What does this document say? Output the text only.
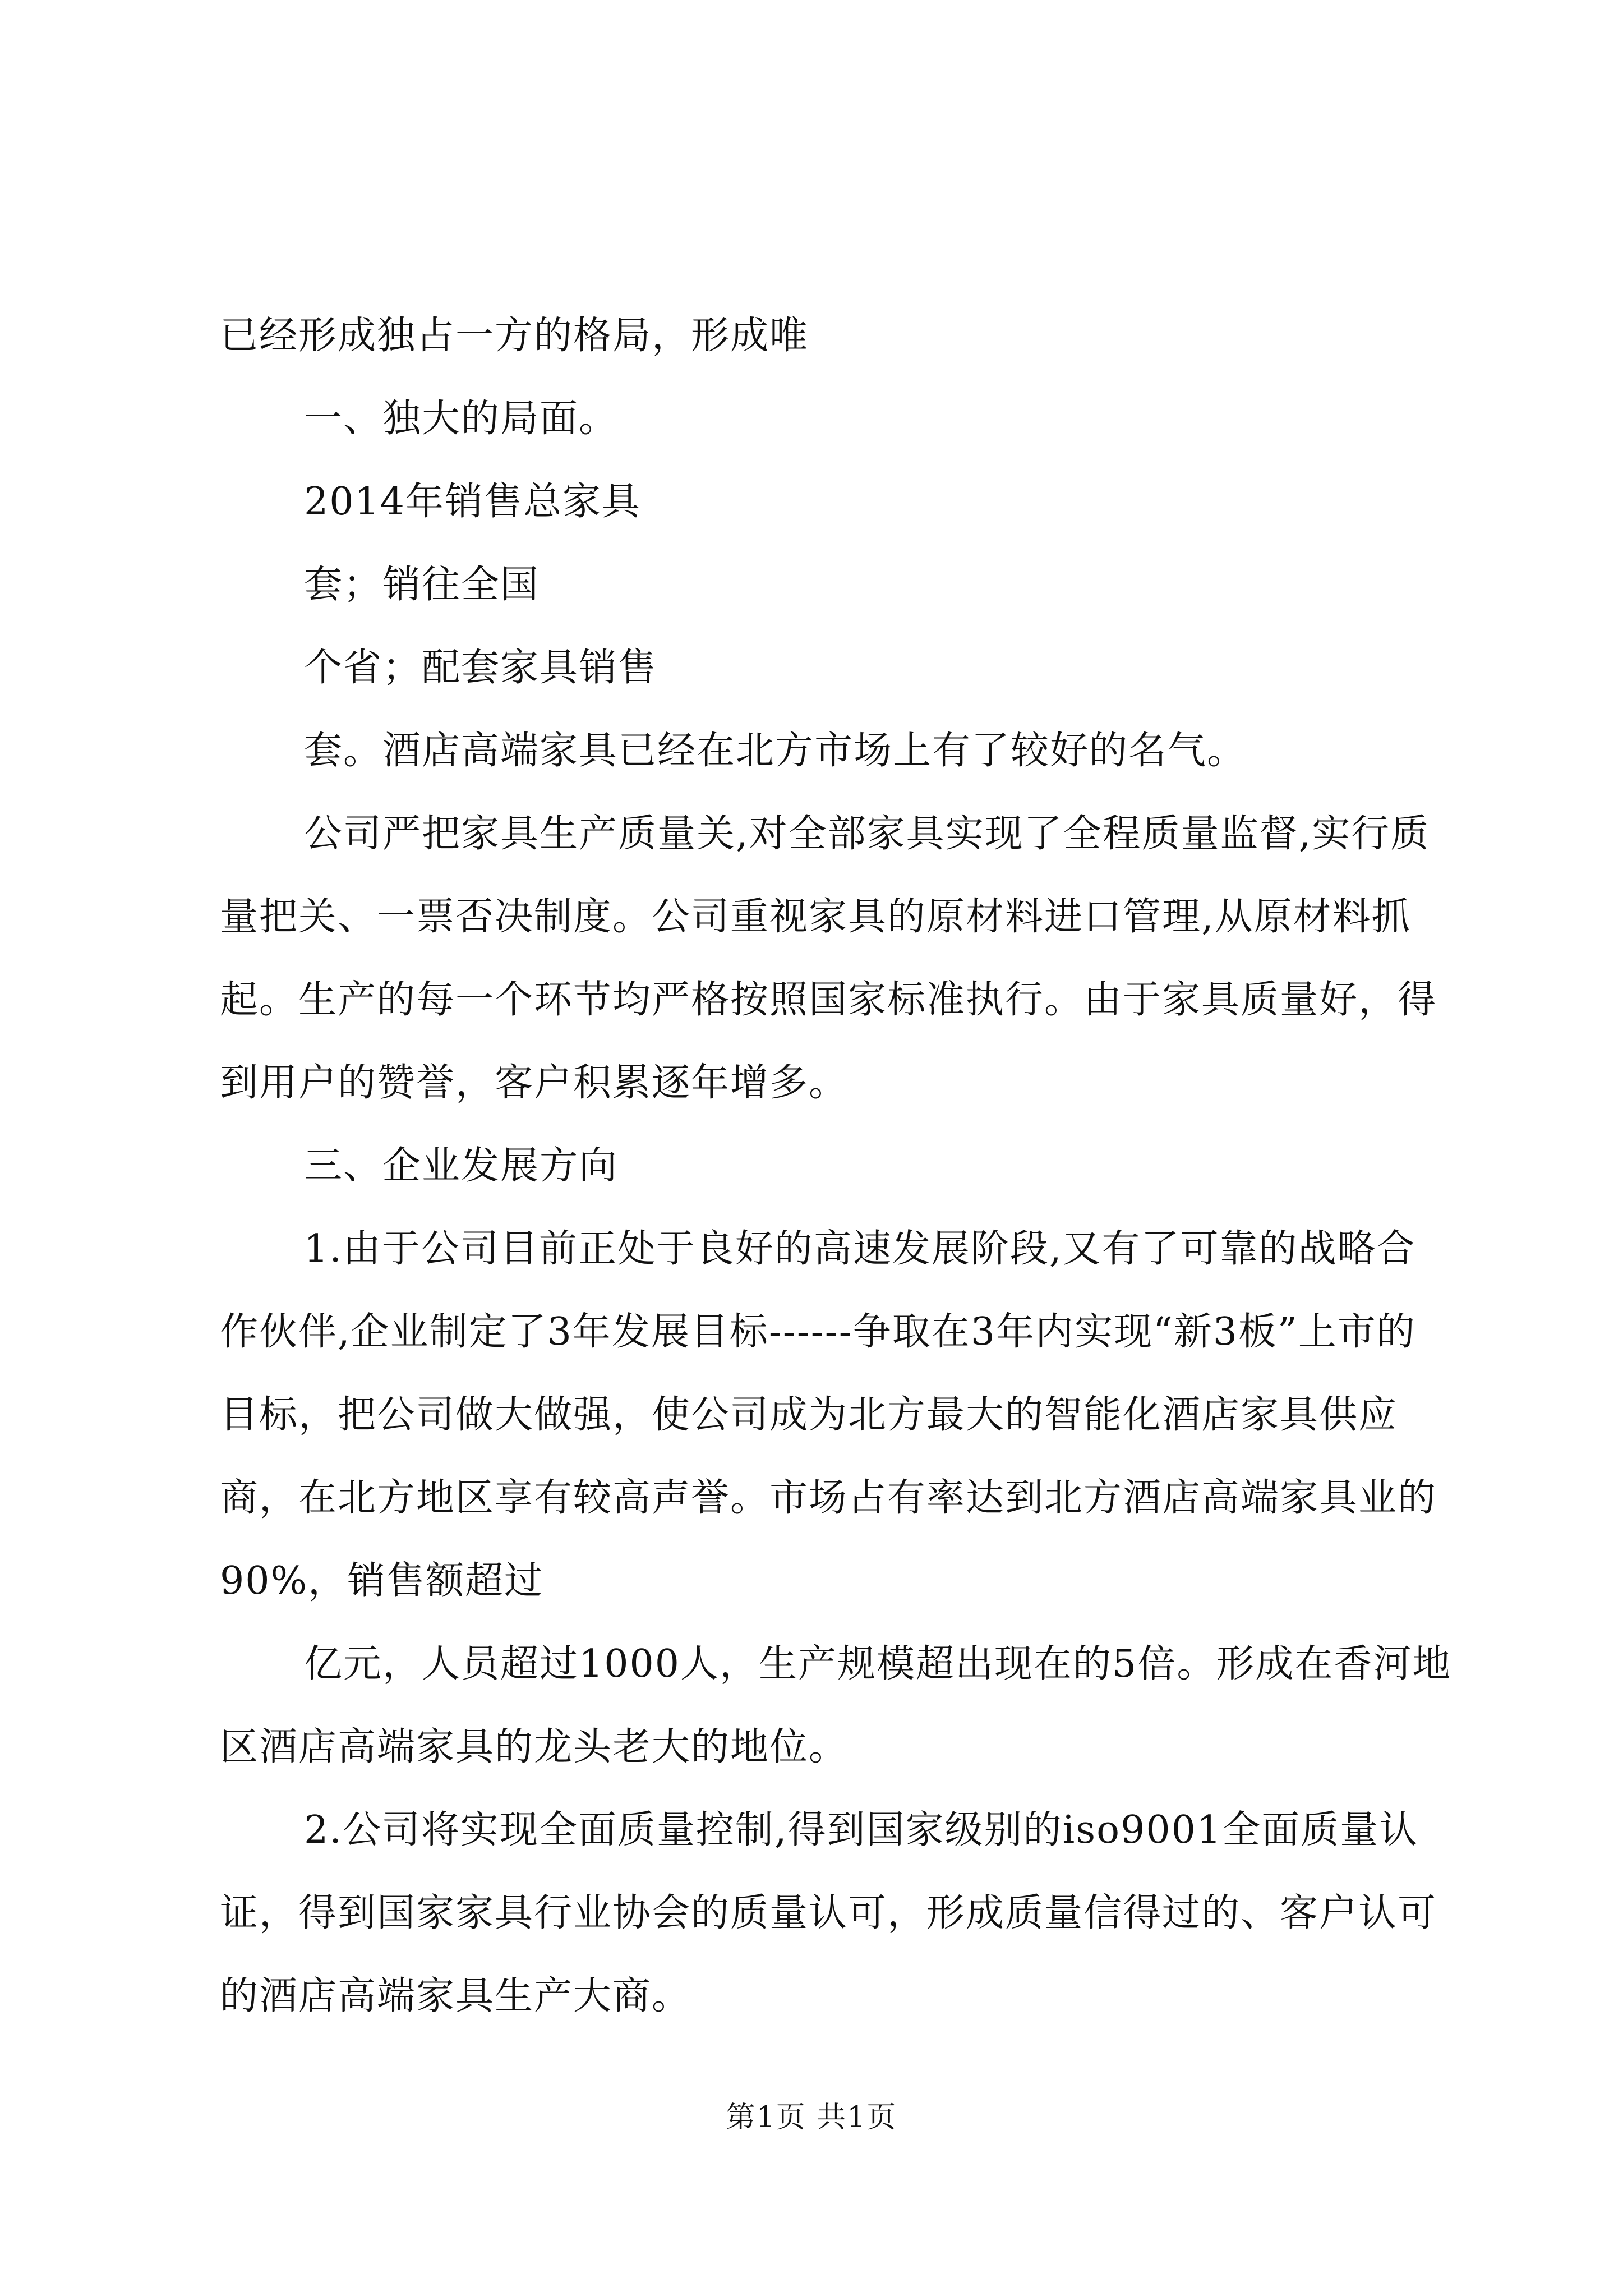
已经形成独占一方的格局，形成唯

一、独大的局面。

2014年销售总家具

套；销往全国

个省；配套家具销售

套。酒店高端家具已经在北方市场上有了较好的名气。

公司严把家具生产质量关,对全部家具实现了全程质量监督,实行质量把关、一票否决制度。公司重视家具的原材料进口管理,从原材料抓起。生产的每一个环节均严格按照国家标准执行。由于家具质量好，得到用户的赞誉，客户积累逐年增多。

三、企业发展方向

1.由于公司目前正处于良好的高速发展阶段,又有了可靠的战略合作伙伴,企业制定了3年发展目标------争取在3年内实现“新3板”上市的目标，把公司做大做强，使公司成为北方最大的智能化酒店家具供应商，在北方地区享有较高声誉。市场占有率达到北方酒店高端家具业的90%，销售额超过

亿元，人员超过1000人，生产规模超出现在的5倍。形成在香河地区酒店高端家具的龙头老大的地位。

2.公司将实现全面质量控制,得到国家级别的iso9001全面质量认证，得到国家家具行业协会的质量认可，形成质量信得过的、客户认可的酒店高端家具生产大商。

第1页 共1页
